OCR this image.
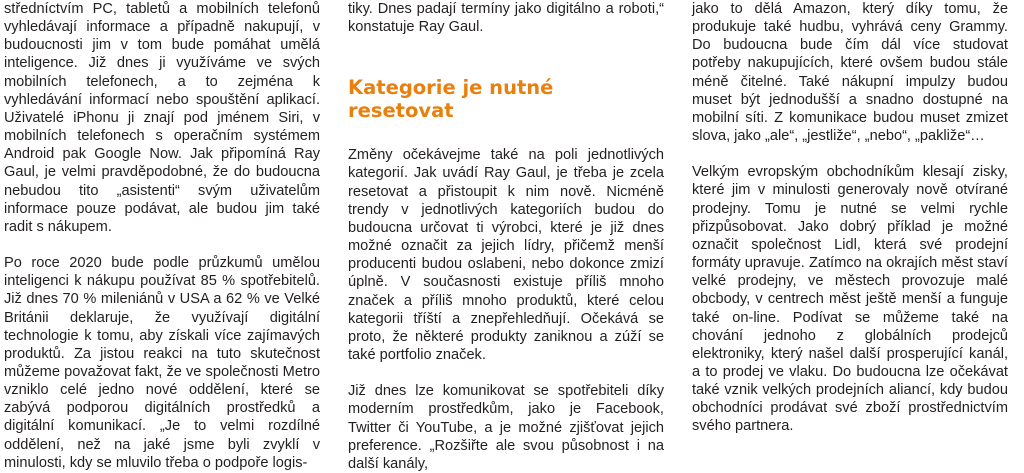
středníctvím PC, tabletů a mobilních telefonů vyhledávají informace a případně nakupují, v budoucnosti jim v tom bude pomáhat umělá inteligence. Již dnes ji využíváme ve svých mobilních telefonech, a to zejména k vyhledávání informací nebo spouštění aplikací. Uživatelé iPhonu ji znají pod jménem Siri, v mobilních telefonech s operačním systémem Android pak Google Now. Jak připomíná Ray Gaul, je velmi pravděpodobné, že do budoucna nebudou tito „asistenti“ svým uživatelům informace pouze podávat, ale budou jim také radit s nákupem.

Po roce 2020 bude podle průzkumů umělou inteligenci k nákupu používat 85 % spotřebitelů. Již dnes 70 % mileniánů v USA a 62 % ve Velké Británii deklaruje, že využívají digitální technologie k tomu, aby získali více zajímavých produktů. Za jistou reakci na tuto skutečnost můžeme považovat fakt, že ve společnosti Metro vzniklo celé jedno nové oddělení, které se zabývá podporou digitálních prostředků a digitální komunikací. „Je to velmi rozdílné oddělení, než na jaké jsme byli zvyklí v minulosti, kdy se mluvilo třeba o podpoře logis-

tiky. Dnes padají termíny jako digitálno a roboti,“ konstatuje Ray Gaul.

Kategorie je nutné resetovat

Změny očekávejme také na poli jednotlivých kategorií. Jak uvádí Ray Gaul, je třeba je zcela resetovat a přistoupit k nim nově. Nicméně trendy v jednotlivých kategoriích budou do budoucna určovat ti výrobci, které je již dnes možné označit za jejich lídry, přičemž menší producenti budou oslabeni, nebo dokonce zmizí úplně. V současnosti existuje příliš mnoho značek a příliš mnoho produktů, které celou kategorii tříští a znepřehledňují. Očekává se proto, že některé produkty zaniknou a zúží se také portfolio značek.

Již dnes lze komunikovat se spotřebiteli díky moderním prostředkům, jako je Facebook, Twitter či YouTube, a je možné zjišťovat jejich preference. „Rozšiřte ale svou působnost i na další kanály,

jako to dělá Amazon, který díky tomu, že produkuje také hudbu, vyhrává ceny Grammy. Do budoucna bude čím dál více studovat potřeby nakupujících, které ovšem budou stále méně čitelné. Také nákupní impulzy budou muset být jednodušší a snadno dostupné na mobilní síti. Z komunikace budou muset zmizet slova, jako „ale“, „jestliže“, „nebo“, „pakliže“…

Velkým evropským obchodníkům klesají zisky, které jim v minulosti generovaly nově otvírané prodejny. Tomu je nutné se velmi rychle přizpůsobovat. Jako dobrý příklad je možné označit společnost Lidl, která své prodejní formáty upravuje. Zatímco na okrajích měst staví velké prodejny, ve městech provozuje malé obcbody, v centrech měst ještě menší a funguje také on-line. Podívat se můžeme také na chování jednoho z globálních prodejců elektroniky, který našel další prosperující kanál, a to prodej ve vlaku. Do budoucna lze očekávat také vznik velkých prodejních aliancí, kdy budou obchodníci prodávat své zboží prostřednictvím svého partnera.
